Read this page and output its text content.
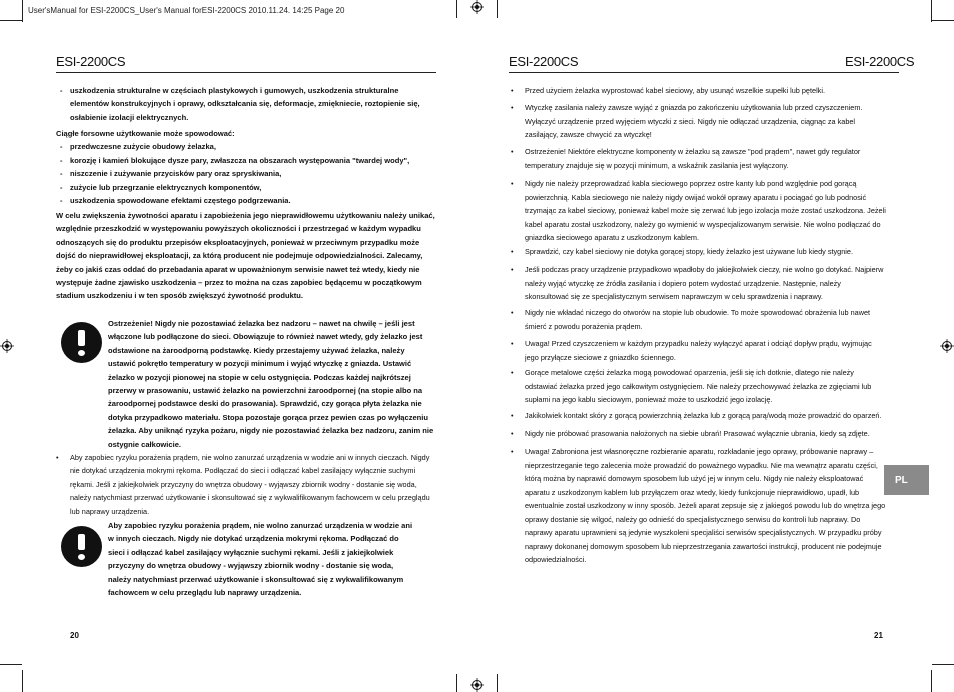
User'sManual for ESI-2200CS_User's Manual forESI-2200CS 2010.11.24. 14:25 Page 20
ESI-2200CS
- uszkodzenia strukturalne w częściach plastykowych i gumowych, uszkodzenia strukturalne elementów konstrukcyjnych i oprawy, odkształcania się, deformacje, zmiękniecie, roztopienie się, osłabienie izolacji elektrycznych.

Ciągłe forsowne użytkowanie może spowodować:

- przedwczesne zużycie obudowy żelazka,
- korozję i kamień blokujące dysze pary, zwłaszcza na obszarach występowania "twardej wody",
- niszczenie i zużywanie przycisków pary oraz spryskiwania,
- zużycie lub przegrzanie elektrycznych komponentów,
- uszkodzenia spowodowane efektami częstego podgrzewania.

W celu zwiększenia żywotności aparatu i zapobieżenia jego nieprawidłowemu użytkowaniu należy unikać, względnie przeszkodzić w występowaniu powyższych okoliczności i przestrzegać w każdym wypadku odnoszących się do produktu przepisów eksploatacyjnych, ponieważ w przeciwnym przypadku może dojść do nieprawidłowej eksploatacji, za którą producent nie podejmuje odpowiedzialności. Zalecamy, żeby co jakiś czas oddać do przebadania aparat w upoważnionym serwisie nawet też wtedy, kiedy nie występuje żadne zjawisko uszkodzenia – przez to można na czas zapobiec będącemu w początkowym stadium uszkodzeniu i w ten sposób zwiększyć żywotność produktu.

Ostrzeżenie! Nigdy nie pozostawiać żelazka bez nadzoru – nawet na chwilę – jeśli jest włączone lub podłączone do sieci. Obowiązuje to również nawet wtedy, gdy żelazko jest odstawione na żaroodporną podstawkę. Kiedy przestajemy używać żelazka, należy ustawić pokrętło temperatury w pozycji minimum i wyjąć wtyczkę z gniazda. Ustawić żelazko w pozycji pionowej na stopie w celu ostygnięcia. Podczas każdej najkrótszej przerwy w prasowaniu, ustawić żelazko na powierzchni żaroodpornej (na stopie albo na żaroodpornej podstawce deski do prasowania). Sprawdzić, czy gorąca płyta żelazka nie dotyka przypadkowo materiału. Stopa pozostaje gorąca przez pewien czas po wyłączeniu żelazka. Aby uniknąć ryzyka pożaru, nigdy nie pozostawiać żelazka bez nadzoru, zanim nie ostygnie całkowicie.
• Aby zapobiec ryzyku porażenia prądem, nie wolno zanurzać urządzenia w wodzie ani w innych cieczach. Nigdy nie dotykać urządzenia mokrymi rękoma. Podłączać do sieci i odłączać kabel zasilający wyłącznie suchymi rękami. Jeśli z jakiejkolwiek przyczyny do wnętrza obudowy - wyjąwszy zbiornik wodny - dostanie się woda, należy natychmiast przerwać użytkowanie i skonsultować się z wykwalifikowanym fachowcem w celu przeglądu lub naprawy urządzenia.
Aby zapobiec ryzyku porażenia prądem, nie wolno zanurzać urządzenia w wodzie ani w innych cieczach. Nigdy nie dotykać urządzenia mokrymi rękoma. Podłączać do sieci i odłączać kabel zasilający wyłącznie suchymi rękami. Jeśli z jakiejkolwiek przyczyny do wnętrza obudowy - wyjąwszy zbiornik wodny - dostanie się woda, należy natychmiast przerwać użytkowanie i skonsultować się z wykwalifikowanym fachowcem w celu przeglądu lub naprawy urządzenia.
20
ESI-2200CS	ESI-2200CS
• Przed użyciem żelazka wyprostować kabel sieciowy, aby usunąć wszelkie supełki lub pętelki.
• Wtyczkę zasilania należy zawsze wyjąć z gniazda po zakończeniu użytkowania lub przed czyszczeniem. Wyłączyć urządzenie przed wyjęciem wtyczki z sieci. Nigdy nie odłączać urządzenia, ciągnąc za kabel zasilający, zawsze chwycić za wtyczkę!
• Ostrzeżenie! Niektóre elektryczne komponenty w żelazku są zawsze "pod prądem", nawet gdy regulator temperatury znajduje się w pozycji minimum, a wskaźnik zasilania jest wyłączony.
• Nigdy nie należy przeprowadzać kabla sieciowego poprzez ostre kanty lub pond względnie pod gorącą powierzchnią. Kabla sieciowego nie należy nigdy owijać wokół oprawy aparatu i pociągać go lub podnosić trzymając za kabel sieciowy, ponieważ kabel może się zerwać lub jego izolacja może zostać uszkodzona. Jeżeli kabel aparatu został uszkodzony, należy go wymienić w wyspecjalizowanym serwisie. Nie wolno podłączać do gniazdka sieciowego aparatu z uszkodzonym kablem.
• Sprawdzić, czy kabel sieciowy nie dotyka gorącej stopy, kiedy żelazko jest używane lub kiedy stygnie.
• Jeśli podczas pracy urządzenie przypadkowo wpadłoby do jakiejkolwiek cieczy, nie wolno go dotykać. Najpierw należy wyjąć wtyczkę ze źródła zasilania i dopiero potem wydostać urządzenie. Następnie, należy skonsultować się ze specjalistycznym serwisem naprawczym w celu sprawdzenia i naprawy.
• Nigdy nie wkładać niczego do otworów na stopie lub obudowie. To może spowodować obrażenia lub nawet śmierć z powodu porażenia prądem.
• Uwaga! Przed czyszczeniem w każdym przypadku należy wyłączyć aparat i odciąć dopływ prądu, wyjmując jego przyłącze sieciowe z gniazdko ściennego.
• Gorące metalowe części żelazka mogą powodować oparzenia, jeśli się ich dotknie, dlatego nie należy odstawiać żelazka przed jego całkowitym ostygnięciem. Nie należy przechowywać żelazka ze zgięciami lub supłami na jego kablu sieciowym, ponieważ może to uszkodzić jego izolację.
• Jakikolwiek kontakt skóry z gorącą powierzchnią żelazka lub z gorącą parą/wodą może prowadzić do oparzeń.
• Nigdy nie próbować prasowania nałożonych na siebie ubrań! Prasować wyłącznie ubrania, kiedy są zdjęte.
• Uwaga! Zabroniona jest własnoręczne rozbieranie aparatu, rozkładanie jego oprawy, próbowanie naprawy – nieprzestrzeganie tego zalecenia może prowadzić do poważnego wypadku. Nie ma wewnątrz aparatu części, którą można by naprawić domowym sposobem lub użyć jej w innym celu. Nigdy nie należy eksploatować aparatu z uszkodzonym kablem lub przyłączem oraz wtedy, kiedy funkcjonuje nieprawidłowo, upadł, lub ewentualnie został uszkodzony w inny sposób. Jeżeli aparat zepsuje się z jakiegoś powodu lub do wnętrza jego oprawy dostanie się wilgoć, należy go odnieść do specjalistycznego serwisu do kontroli lub naprawy. Do naprawy aparatu uprawnieni są jedynie wyszkoleni specjaliści serwisów specjalistycznych. W przypadku próby naprawy dokonanej domowym sposobem lub nieprzestrzegania zawartości instrukcji, producent nie podejmuje odpowiedzialności.
PL
21
